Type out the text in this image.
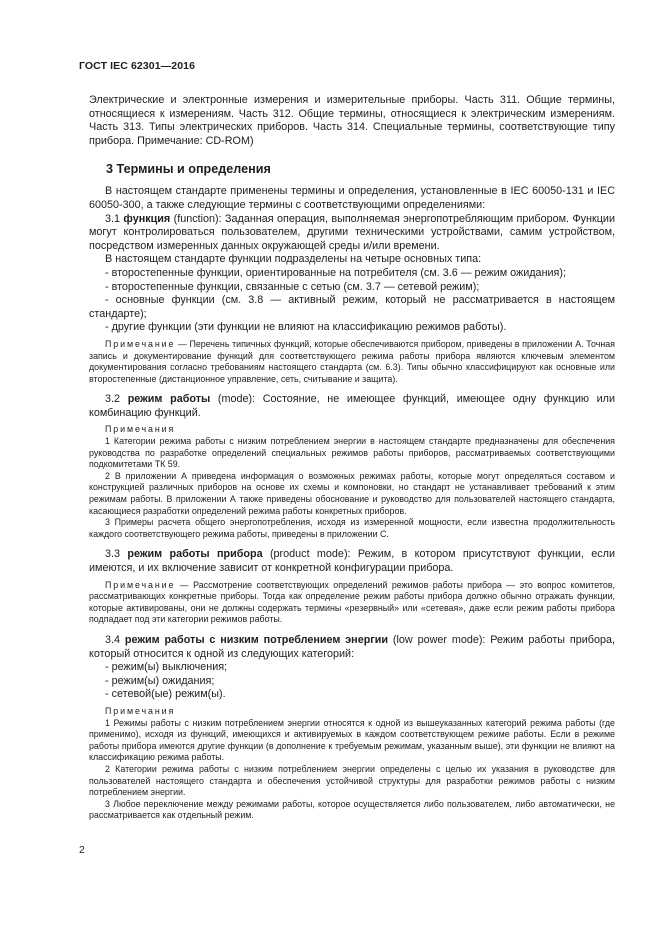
ГОСТ IEC 62301—2016

Электрические и электронные измерения и измерительные приборы. Часть 311. Общие термины, относящиеся к измерениям. Часть 312. Общие термины, относящиеся к электрическим измерениям. Часть 313. Типы электрических приборов. Часть 314. Специальные термины, соответствующие типу прибора. Примечание: CD-ROM)

3 Термины и определения

В настоящем стандарте применены термины и определения, установленные в IEC 60050-131 и IEC 60050-300, а также следующие термины с соответствующими определениями:

3.1 функция (function): Заданная операция, выполняемая энергопотребляющим прибором. Функции могут контролироваться пользователем, другими техническими устройствами, самим устройством, посредством измеренных данных окружающей среды и/или времени.

В настоящем стандарте функции подразделены на четыре основных типа:

- второстепенные функции, ориентированные на потребителя (см. 3.6 — режим ожидания);

- второстепенные функции, связанные с сетью (см. 3.7 — сетевой режим);

- основные функции (см. 3.8 — активный режим, который не рассматривается в настоящем стандарте);

- другие функции (эти функции не влияют на классификацию режимов работы).

Примечание — Перечень типичных функций, которые обеспечиваются прибором, приведены в приложении А. Точная запись и документирование функций для соответствующего режима работы прибора являются ключевым элементом документирования согласно требованиям настоящего стандарта (см. 6.3). Типы обычно классифицируют как основные или второстепенные (дистанционное управление, сеть, считывание и защита).

3.2 режим работы (mode): Состояние, не имеющее функций, имеющее одну функцию или комбинацию функций.

Примечания

1 Категории режима работы с низким потреблением энергии в настоящем стандарте предназначены для обеспечения руководства по разработке определений специальных режимов работы приборов, рассматриваемых соответствующими подкомитетами ТК 59.

2 В приложении А приведена информация о возможных режимах работы, которые могут определяться составом и конструкцией различных приборов на основе их схемы и компоновки, но стандарт не устанавливает требований к этим режимам работы. В приложении А также приведены обоснование и руководство для пользователей настоящего стандарта, касающиеся разработки определений режима работы конкретных приборов.

3 Примеры расчета общего энергопотребления, исходя из измеренной мощности, если известна продолжительность каждого соответствующего режима работы, приведены в приложении С.

3.3 режим работы прибора (product mode): Режим, в котором присутствуют функции, если имеются, и их включение зависит от конкретной конфигурации прибора.

Примечание — Рассмотрение соответствующих определений режимов работы прибора — это вопрос комитетов, рассматривающих конкретные приборы. Тогда как определение режим работы прибора должно обычно отражать функции, которые активированы, они не должны содержать термины «резервный» или «сетевая», даже если режим работы прибора подпадает под эти категории режимов работы.

3.4 режим работы с низким потреблением энергии (low power mode): Режим работы прибора, который относится к одной из следующих категорий:

- режим(ы) выключения;

- режим(ы) ожидания;

- сетевой(ые) режим(ы).

Примечания

1 Режимы работы с низким потреблением энергии относятся к одной из вышеуказанных категорий режима работы (где применимо), исходя из функций, имеющихся и активируемых в каждом соответствующем режиме работы. Если в режиме работы прибора имеются другие функции (в дополнение к требуемым режимам, указанным выше), эти функции не влияют на классификацию режима работы.

2 Категории режима работы с низким потреблением энергии определены с целью их указания в руководстве для пользователей настоящего стандарта и обеспечения устойчивой структуры для разработки режимов работы с низким потреблением энергии.

3 Любое переключение между режимами работы, которое осуществляется либо пользователем, либо автоматически, не рассматривается как отдельный режим.

2
